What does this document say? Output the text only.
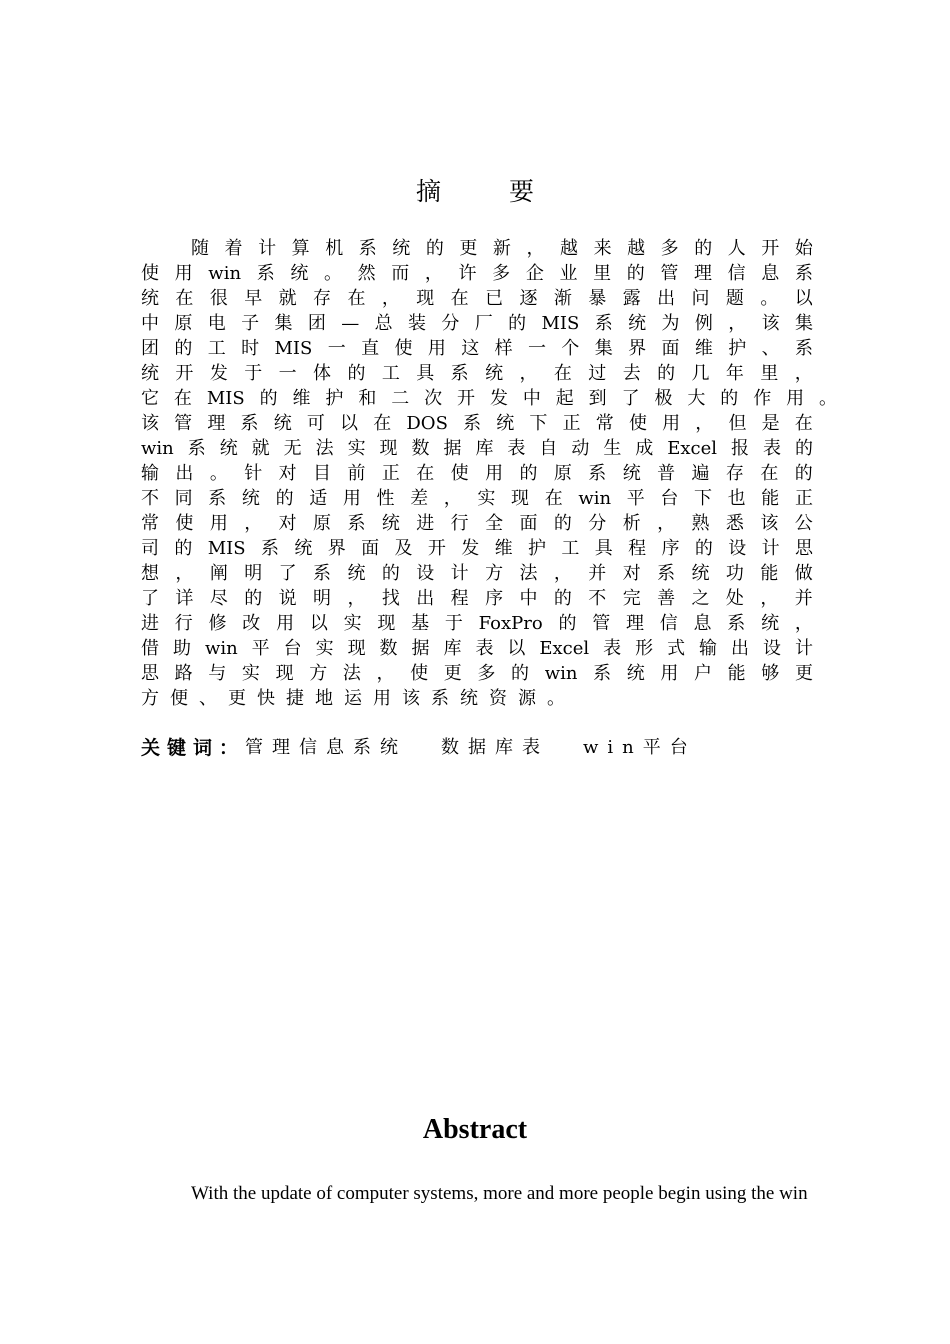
摘 要
随 着 计 算 机 系 统 的 更 新 ， 越 来 越 多 的 人 开 始
使 用 win 系 统 。 然 而 ， 许 多 企 业 里 的 管 理 信 息 系
统 在 很 早 就 存 在 ， 现 在 已 逐 渐 暴 露 出 问 题 。 以
中 原 电 子 集 团 — 总 装 分 厂 的 MIS 系 统 为 例 ， 该 集
团 的 工 时 MIS 一 直 使 用 这 样 一 个 集 界 面 维 护 、 系
统 开 发 于 一 体 的 工 具 系 统 ， 在 过 去 的 几 年 里 ，
它 在 MIS 的 维 护 和 二 次 开 发 中 起 到 了 极 大 的 作 用 。
该 管 理 系 统 可 以 在 DOS 系 统 下 正 常 使 用 ， 但 是 在
win 系 统 就 无 法 实 现 数 据 库 表 自 动 生 成 Excel 报 表 的
输 出 。 针 对 目 前 正 在 使 用 的 原 系 统 普 遍 存 在 的
不 同 系 统 的 适 用 性 差 ， 实 现 在 win 平 台 下 也 能 正
常 使 用 ， 对 原 系 统 进 行 全 面 的 分 析 ， 熟 悉 该 公
司 的 MIS 系 统 界 面 及 开 发 维 护 工 具 程 序 的 设 计 思
想 ， 阐 明 了 系 统 的 设 计 方 法 ， 并 对 系 统 功 能 做
了 详 尽 的 说 明 ， 找 出 程 序 中 的 不 完 善 之 处 ， 并
进 行 修 改 用 以 实 现 基 于 FoxPro 的 管 理 信 息 系 统 ，
借 助 win 平 台 实 现 数 据 库 表 以 Excel 表 形 式 输 出 设 计
思 路 与 实 现 方 法 ， 使 更 多 的 win 系 统 用 户 能 够 更
方 便 、 更 快 捷 地 运 用 该 系 统 资 源 。
关键词： 管理信息系统 数据库表 win平台
Abstract
With the update of computer systems, more and more people begin using the win
